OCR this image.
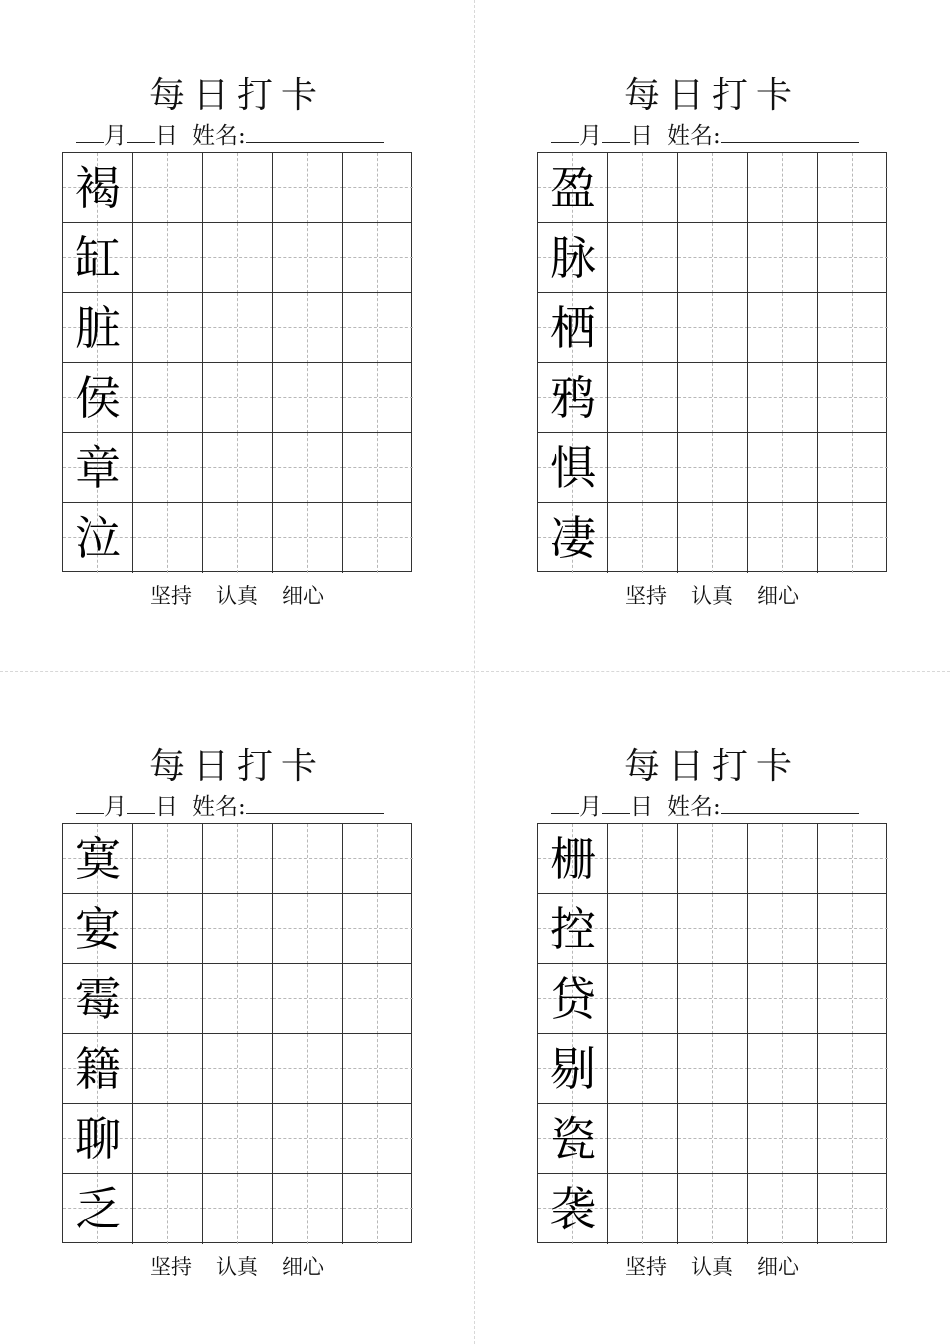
每日打卡
月 日 姓名:
褐
缸
脏
侯
章
泣
坚持 认真 细心
每日打卡
月 日 姓名:
盈
脉
栖
鸦
惧
凄
坚持 认真 细心
每日打卡
月 日 姓名:
寞
宴
霉
籍
聊
乏
坚持 认真 细心
每日打卡
月 日 姓名:
栅
控
贷
剔
瓷
袭
坚持 认真 细心
